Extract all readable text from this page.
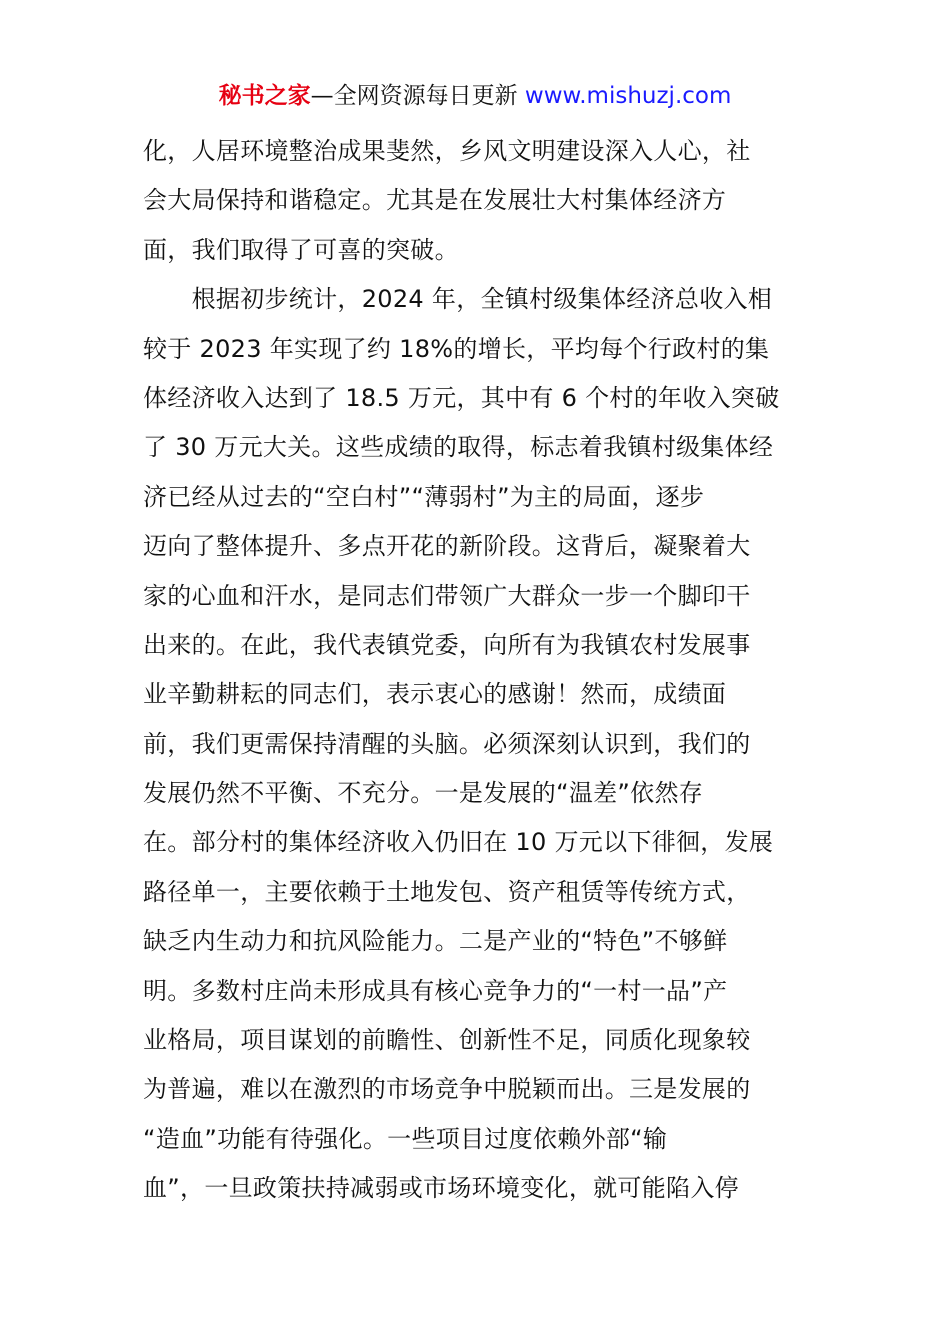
秘书之家—全网资源每日更新 www.mishuzj.com
化，人居环境整治成果斐然，乡风文明建设深入人心，社
会大局保持和谐稳定。尤其是在发展壮大村集体经济方
面，我们取得了可喜的突破。
　　根据初步统计，2024 年，全镇村级集体经济总收入相
较于 2023 年实现了约 18%的增长，平均每个行政村的集
体经济收入达到了 18.5 万元，其中有 6 个村的年收入突破
了 30 万元大关。这些成绩的取得，标志着我镇村级集体经
济已经从过去的“空白村”“薄弱村”为主的局面，逐步
迈向了整体提升、多点开花的新阶段。这背后，凝聚着大
家的心血和汗水，是同志们带领广大群众一步一个脚印干
出来的。在此，我代表镇党委，向所有为我镇农村发展事
业辛勤耕耘的同志们，表示衷心的感谢！然而，成绩面
前，我们更需保持清醒的头脑。必须深刻认识到，我们的
发展仍然不平衡、不充分。一是发展的“温差”依然存
在。部分村的集体经济收入仍旧在 10 万元以下徘徊，发展
路径单一，主要依赖于土地发包、资产租赁等传统方式，
缺乏内生动力和抗风险能力。二是产业的“特色”不够鲜
明。多数村庄尚未形成具有核心竞争力的“一村一品”产
业格局，项目谋划的前瞻性、创新性不足，同质化现象较
为普遍，难以在激烈的市场竞争中脱颖而出。三是发展的
“造血”功能有待强化。一些项目过度依赖外部“输
血”，一旦政策扶持减弱或市场环境变化，就可能陷入停
